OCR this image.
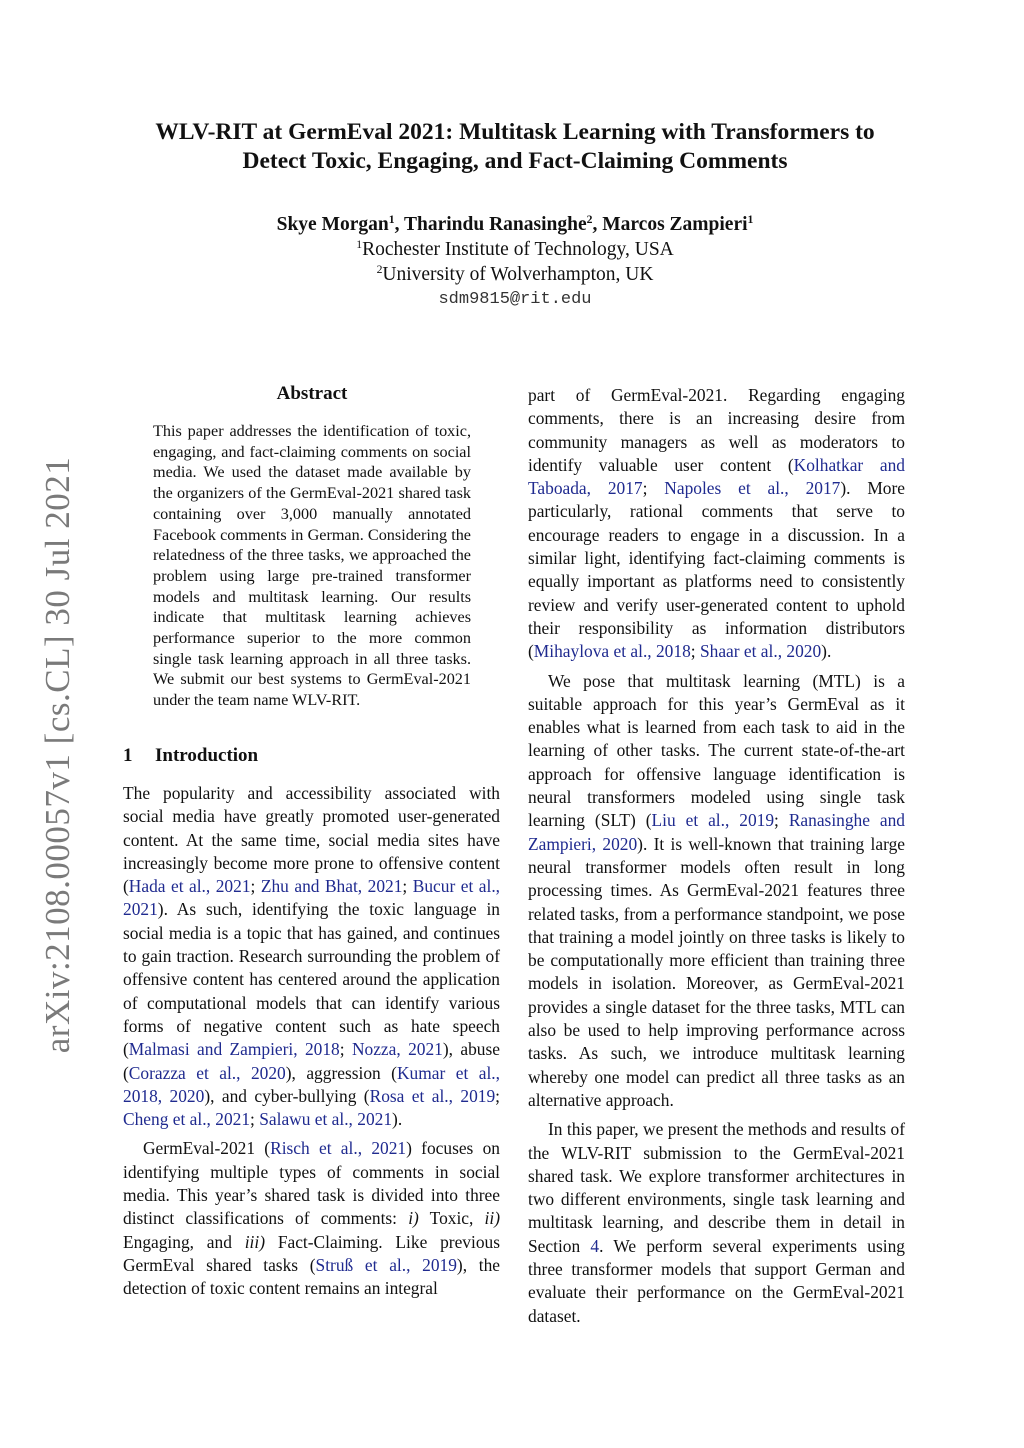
arXiv:2108.00057v1 [cs.CL] 30 Jul 2021
WLV-RIT at GermEval 2021: Multitask Learning with Transformers to
Detect Toxic, Engaging, and Fact-Claiming Comments
Skye Morgan$^1$, Tharindu Ranasinghe$^2$, Marcos Zampieri$^1$
$^1$Rochester Institute of Technology, USA
$^2$University of Wolverhampton, UK
sdm9815@rit.edu
Abstract
This paper addresses the identification of toxic, engaging, and fact-claiming comments on social media. We used the dataset made available by the organizers of the GermEval-2021 shared task containing over 3,000 manually annotated Facebook comments in German. Considering the relatedness of the three tasks, we approached the problem using large pre-trained transformer models and multitask learning. Our results indicate that multitask learning achieves performance superior to the more common single task learning approach in all three tasks. We submit our best systems to GermEval-2021 under the team name WLV-RIT.
1 Introduction

The popularity and accessibility associated with social media have greatly promoted user-generated content. At the same time, social media sites have increasingly become more prone to offensive content (Hada et al., 2021; Zhu and Bhat, 2021; Bucur et al., 2021). As such, identifying the toxic language in social media is a topic that has gained, and continues to gain traction. Research surrounding the problem of offensive content has centered around the application of computational models that can identify various forms of negative content such as hate speech (Malmasi and Zampieri, 2018; Nozza, 2021), abuse (Corazza et al., 2020), aggression (Kumar et al., 2018, 2020), and cyber-bullying (Rosa et al., 2019; Cheng et al., 2021; Salawu et al., 2021).

GermEval-2021 (Risch et al., 2021) focuses on identifying multiple types of comments in social media. This year’s shared task is divided into three distinct classifications of comments: i) Toxic, ii) Engaging, and iii) Fact-Claiming. Like previous GermEval shared tasks (Struß et al., 2019), the detection of toxic content remains an integral

part of GermEval-2021. Regarding engaging comments, there is an increasing desire from community managers as well as moderators to identify valuable user content (Kolhatkar and Taboada, 2017; Napoles et al., 2017). More particularly, rational comments that serve to encourage readers to engage in a discussion. In a similar light, identifying fact-claiming comments is equally important as platforms need to consistently review and verify user-generated content to uphold their responsibility as information distributors (Mihaylova et al., 2018; Shaar et al., 2020).

We pose that multitask learning (MTL) is a suitable approach for this year’s GermEval as it enables what is learned from each task to aid in the learning of other tasks. The current state-of-the-art approach for offensive language identification is neural transformers modeled using single task learning (SLT) (Liu et al., 2019; Ranasinghe and Zampieri, 2020). It is well-known that training large neural transformer models often result in long processing times. As GermEval-2021 features three related tasks, from a performance standpoint, we pose that training a model jointly on three tasks is likely to be computationally more efficient than training three models in isolation. Moreover, as GermEval-2021 provides a single dataset for the three tasks, MTL can also be used to help improving performance across tasks. As such, we introduce multitask learning whereby one model can predict all three tasks as an alternative approach.

In this paper, we present the methods and results of the WLV-RIT submission to the GermEval-2021 shared task. We explore transformer architectures in two different environments, single task learning and multitask learning, and describe them in detail in Section 4. We perform several experiments using three transformer models that support German and evaluate their performance on the GermEval-2021 dataset.
